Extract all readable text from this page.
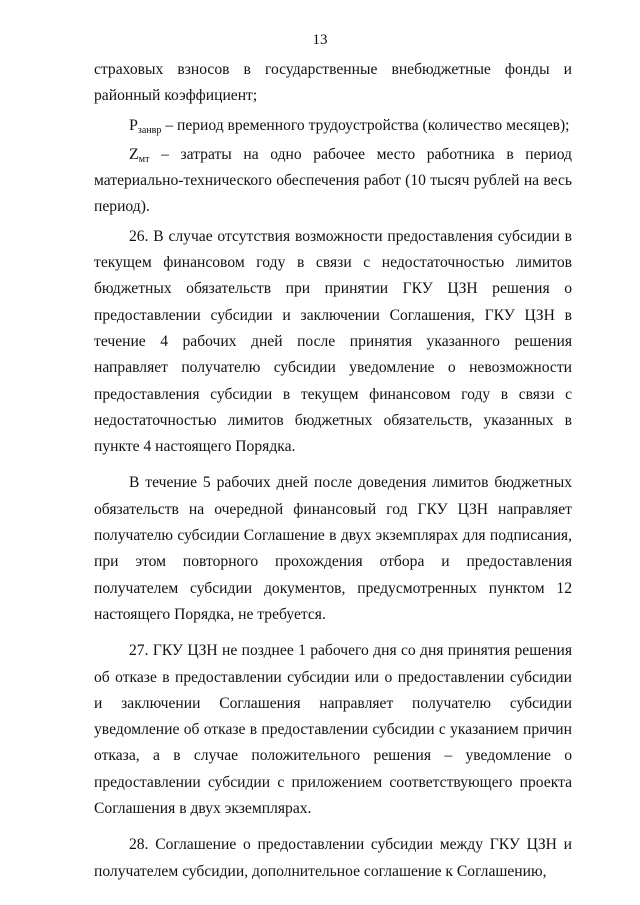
13

страховых взносов в государственные внебюджетные фонды и районный коэффициент;

$P_{занвр}$ – период временного трудоустройства (количество месяцев);

$Z_{мт}$ – затраты на одно рабочее место работника в период материально-технического обеспечения работ (10 тысяч рублей на весь период).

26. В случае отсутствия возможности предоставления субсидии в текущем финансовом году в связи с недостаточностью лимитов бюджетных обязательств при принятии ГКУ ЦЗН решения о предоставлении субсидии и заключении Соглашения, ГКУ ЦЗН в течение 4 рабочих дней после принятия указанного решения направляет получателю субсидии уведомление о невозможности предоставления субсидии в текущем финансовом году в связи с недостаточностью лимитов бюджетных обязательств, указанных в пункте 4 настоящего Порядка.

В течение 5 рабочих дней после доведения лимитов бюджетных обязательств на очередной финансовый год ГКУ ЦЗН направляет получателю субсидии Соглашение в двух экземплярах для подписания, при этом повторного прохождения отбора и предоставления получателем субсидии документов, предусмотренных пунктом 12 настоящего Порядка, не требуется.

27. ГКУ ЦЗН не позднее 1 рабочего дня со дня принятия решения об отказе в предоставлении субсидии или о предоставлении субсидии и заключении Соглашения направляет получателю субсидии уведомление об отказе в предоставлении субсидии с указанием причин отказа, а в случае положительного решения – уведомление о предоставлении субсидии с приложением соответствующего проекта Соглашения в двух экземплярах.

28. Соглашение о предоставлении субсидии между ГКУ ЦЗН и получателем субсидии, дополнительное соглашение к Соглашению,
